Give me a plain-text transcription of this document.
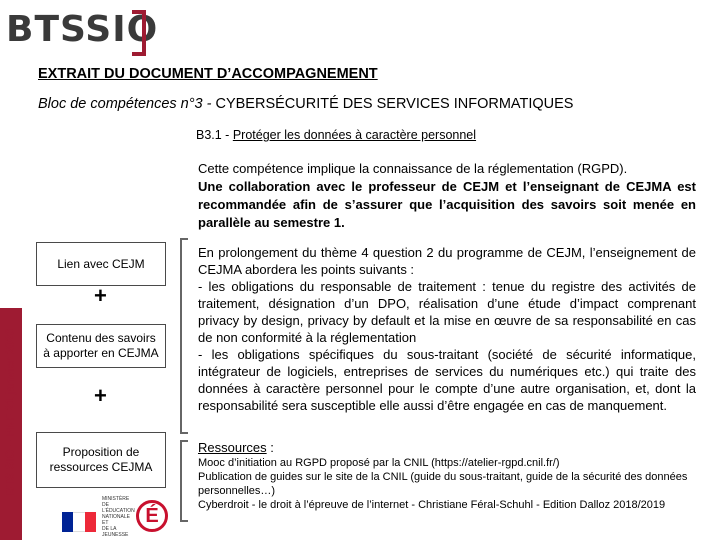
BTSSIO
BTS SIO – PNF 21 janvier 2020
EXTRAIT DU DOCUMENT D’ACCOMPAGNEMENT
Bloc de compétences n°3 - CYBERSÉCURITÉ DES SERVICES INFORMATIQUES
B3.1 - Protéger les données à caractère personnel
Cette compétence implique la connaissance de la réglementation (RGPD).
Une collaboration avec le professeur de CEJM et l’enseignant de CEJMA est recommandée afin de s’assurer que l’acquisition des savoirs soit menée en parallèle au semestre 1.
Lien avec CEJM
+
Contenu des savoirs à apporter en CEJMA
+
Proposition de ressources CEJMA

En prolongement du thème 4 question 2 du programme de CEJM, l’enseignement de CEJMA abordera les points suivants :

- les obligations du responsable de traitement : tenue du registre des activités de traitement, désignation d’un DPO, réalisation d’une étude d’impact comprenant privacy by design, privacy by default et la mise en œuvre de sa responsabilité en cas de non conformité à la réglementation

- les obligations spécifiques du sous-traitant (société de sécurité informatique, intégrateur de logiciels, entreprises de services du numériques etc.) qui traite des données à caractère personnel pour le compte d’une autre organisation, et, dont la responsabilité sera susceptible elle aussi d’être engagée en cas de manquement.

Ressources :
Mooc d’initiation au RGPD proposé par la CNIL (https://atelier-rgpd.cnil.fr/)
Publication de guides sur le site de la CNIL (guide du sous-traitant, guide de la sécurité des données personnelles…)
Cyberdroit - le droit à l’épreuve de l’internet - Christiane Féral-Schuhl - Edition Dalloz 2018/2019
MINISTÈRE
DE L’ÉDUCATION
NATIONALE ET
DE LA JEUNESSE
É
